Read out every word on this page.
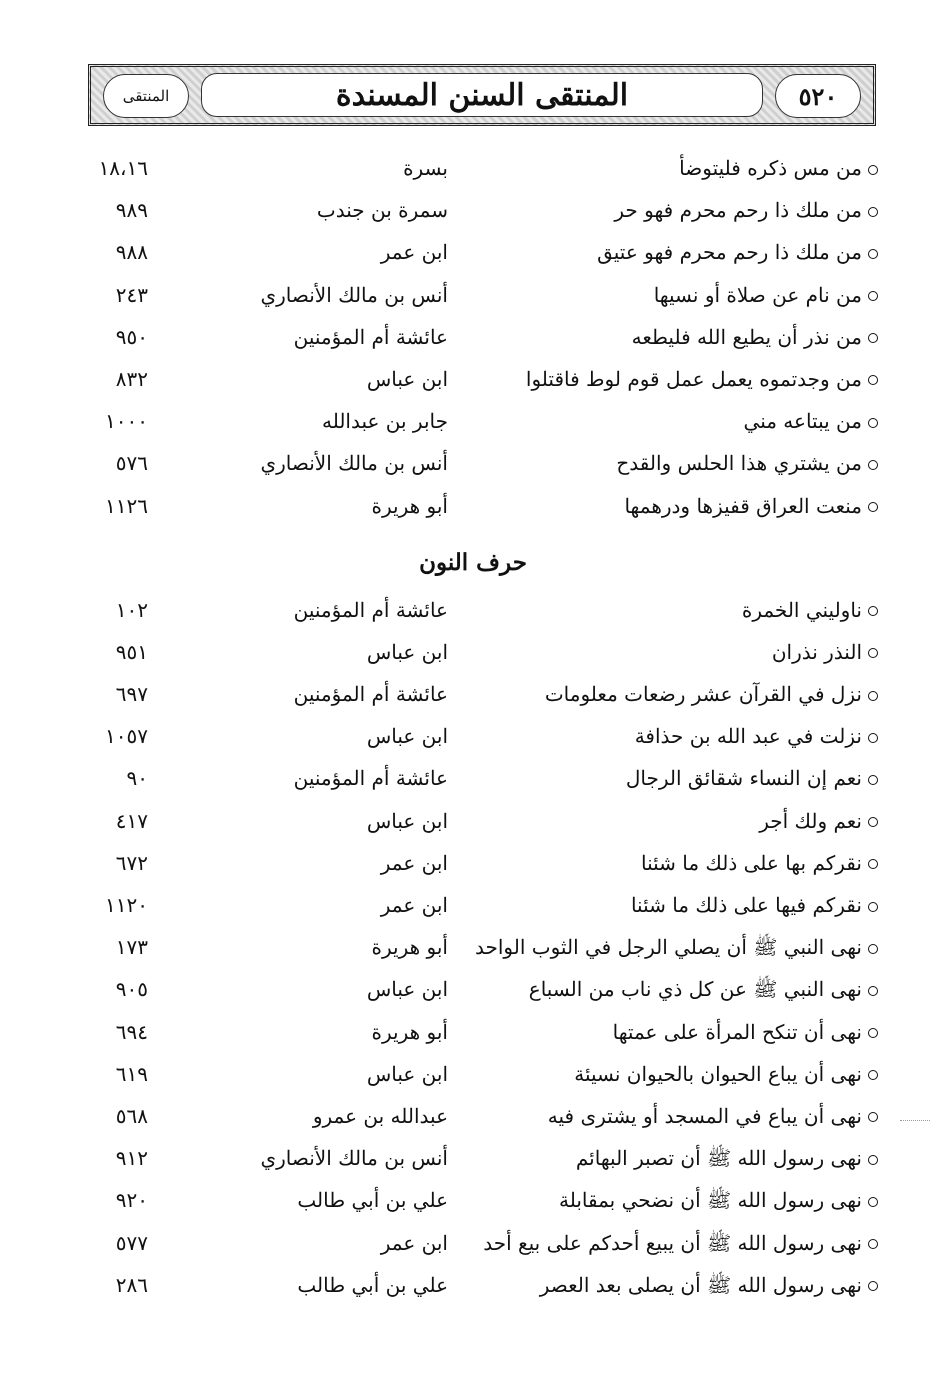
٥٢٠
المنتقى السنن المسندة
المنتقى
من مس ذكره فليتوضأ
بسرة
١٨،١٦
من ملك ذا رحم محرم فهو حر
سمرة بن جندب
٩٨٩
من ملك ذا رحم محرم فهو عتيق
ابن عمر
٩٨٨
من نام عن صلاة أو نسيها
أنس بن مالك الأنصاري
٢٤٣
من نذر أن يطيع الله فليطعه
عائشة أم المؤمنين
٩٥٠
من وجدتموه يعمل عمل قوم لوط فاقتلوا
ابن عباس
٨٣٢
من يبتاعه مني
جابر بن عبدالله
١٠٠٠
من يشتري هذا الحلس والقدح
أنس بن مالك الأنصاري
٥٧٦
منعت العراق قفيزها ودرهمها
أبو هريرة
١١٢٦
حرف النون
ناوليني الخمرة
عائشة أم المؤمنين
١٠٢
النذر نذران
ابن عباس
٩٥١
نزل في القرآن عشر رضعات معلومات
عائشة أم المؤمنين
٦٩٧
نزلت في عبد الله بن حذافة
ابن عباس
١٠٥٧
نعم إن النساء شقائق الرجال
عائشة أم المؤمنين
٩٠
نعم ولك أجر
ابن عباس
٤١٧
نقركم بها على ذلك ما شئنا
ابن عمر
٦٧٢
نقركم فيها على ذلك ما شئنا
ابن عمر
١١٢٠
نهى النبي ﷺ أن يصلي الرجل في الثوب الواحد
أبو هريرة
١٧٣
نهى النبي ﷺ عن كل ذي ناب من السباع
ابن عباس
٩٠٥
نهى أن تنكح المرأة على عمتها
أبو هريرة
٦٩٤
نهى أن يباع الحيوان بالحيوان نسيئة
ابن عباس
٦١٩
نهى أن يباع في المسجد أو يشترى فيه
عبدالله بن عمرو
٥٦٨
نهى رسول الله ﷺ أن تصبر البهائم
أنس بن مالك الأنصاري
٩١٢
نهى رسول الله ﷺ أن نضحي بمقابلة
علي بن أبي طالب
٩٢٠
نهى رسول الله ﷺ أن يبيع أحدكم على بيع أحد
ابن عمر
٥٧٧
نهى رسول الله ﷺ أن يصلى بعد العصر
علي بن أبي طالب
٢٨٦
